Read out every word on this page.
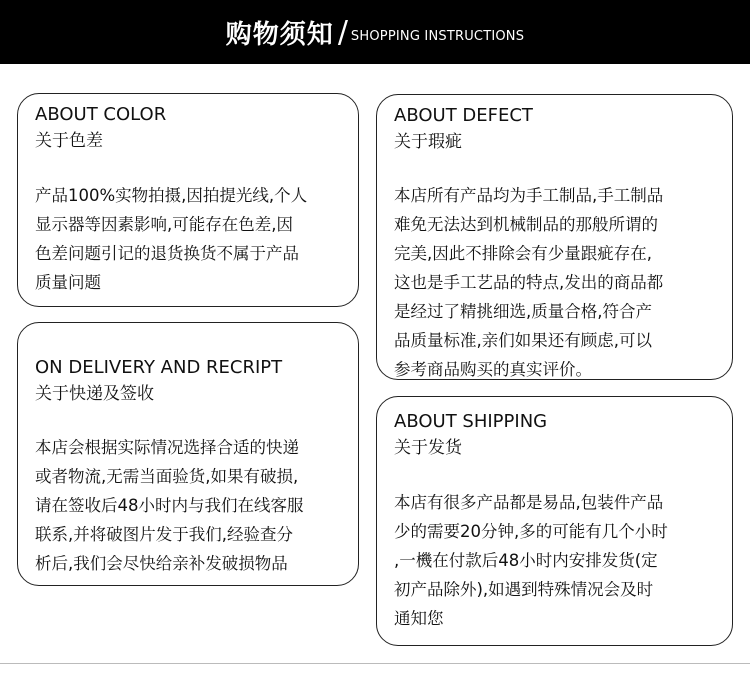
购物须知 / SHOPPING INSTRUCTIONS
ABOUT COLOR
关于色差
产品100%实物拍摄,因拍提光线,个人
显示器等因素影响,可能存在色差,因
色差问题引记的退货换货不属于产品
质量问题
ON DELIVERY AND RECRIPT
关于快递及签收
本店会根据实际情况选择合适的快递
或者物流,无需当面验货,如果有破损,
请在签收后48小时内与我们在线客服
联系,并将破图片发于我们,经验查分
析后,我们会尽快给亲补发破损物品
ABOUT DEFECT
关于瑕疵
本店所有产品均为手工制品,手工制品
难免无法达到机械制品的那般所谓的
完美,因此不排除会有少量跟疵存在,
这也是手工艺品的特点,发出的商品都
是经过了精挑细选,质量合格,符合产
品质量标准,亲们如果还有顾虑,可以
参考商品购买的真实评价。
ABOUT SHIPPING
关于发货
本店有很多产品都是易品,包装件产品
少的需要20分钟,多的可能有几个小时
,一機在付款后48小时内安排发货(定
初产品除外),如遇到特殊情况会及时
通知您
